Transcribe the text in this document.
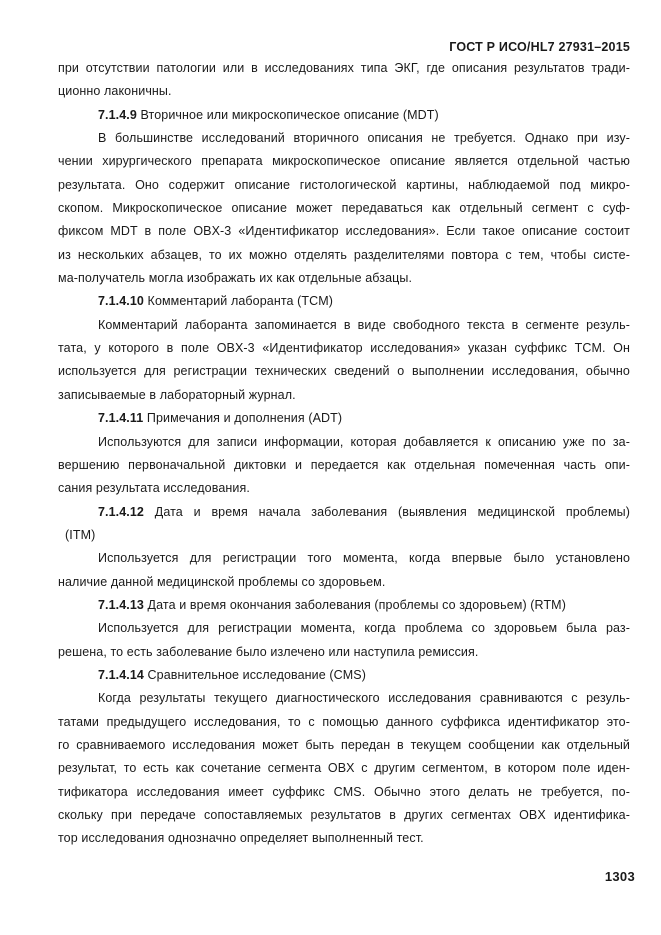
ГОСТ Р ИСО/HL7 27931–2015
при отсутствии патологии или в исследованиях типа ЭКГ, где описания результатов тради-
ционно лаконичны.
7.1.4.9 Вторичное или микроскопическое описание (MDT)
В большинстве исследований вторичного описания не требуется. Однако при изу-
чении хирургического препарата микроскопическое описание является отдельной частью
результата. Оно содержит описание гистологической картины, наблюдаемой под микро-
скопом. Микроскопическое описание может передаваться как отдельный сегмент с суф-
фиксом MDT в поле OBX-3 «Идентификатор исследования». Если такое описание состоит
из нескольких абзацев, то их можно отделять разделителями повтора с тем, чтобы систе-
ма-получатель могла изображать их как отдельные абзацы.
7.1.4.10 Комментарий лаборанта (TCM)
Комментарий лаборанта запоминается в виде свободного текста в сегменте резуль-
тата, у которого в поле OBX-3 «Идентификатор исследования» указан суффикс TCM. Он
используется для регистрации технических сведений о выполнении исследования, обычно
записываемые в лабораторный журнал.
7.1.4.11 Примечания и дополнения (ADT)
Используются для записи информации, которая добавляется к описанию уже по за-
вершению первоначальной диктовки и передается как отдельная помеченная часть опи-
сания результата исследования.
7.1.4.12 Дата и время начала заболевания (выявления медицинской проблемы)
(ITM)
Используется для регистрации того момента, когда впервые было установлено
наличие данной медицинской проблемы со здоровьем.
7.1.4.13 Дата и время окончания заболевания (проблемы со здоровьем) (RTM)
Используется для регистрации момента, когда проблема со здоровьем была раз-
решена, то есть заболевание было излечено или наступила ремиссия.
7.1.4.14 Сравнительное исследование (CMS)
Когда результаты текущего диагностического исследования сравниваются с резуль-
татами предыдущего исследования, то с помощью данного суффикса идентификатор это-
го сравниваемого исследования может быть передан в текущем сообщении как отдельный
результат, то есть как сочетание сегмента OBX с другим сегментом, в котором поле иден-
тификатора исследования имеет суффикс CMS. Обычно этого делать не требуется, по-
скольку при передаче сопоставляемых результатов в других сегментах OBX идентифика-
тор исследования однозначно определяет выполненный тест.
1303
